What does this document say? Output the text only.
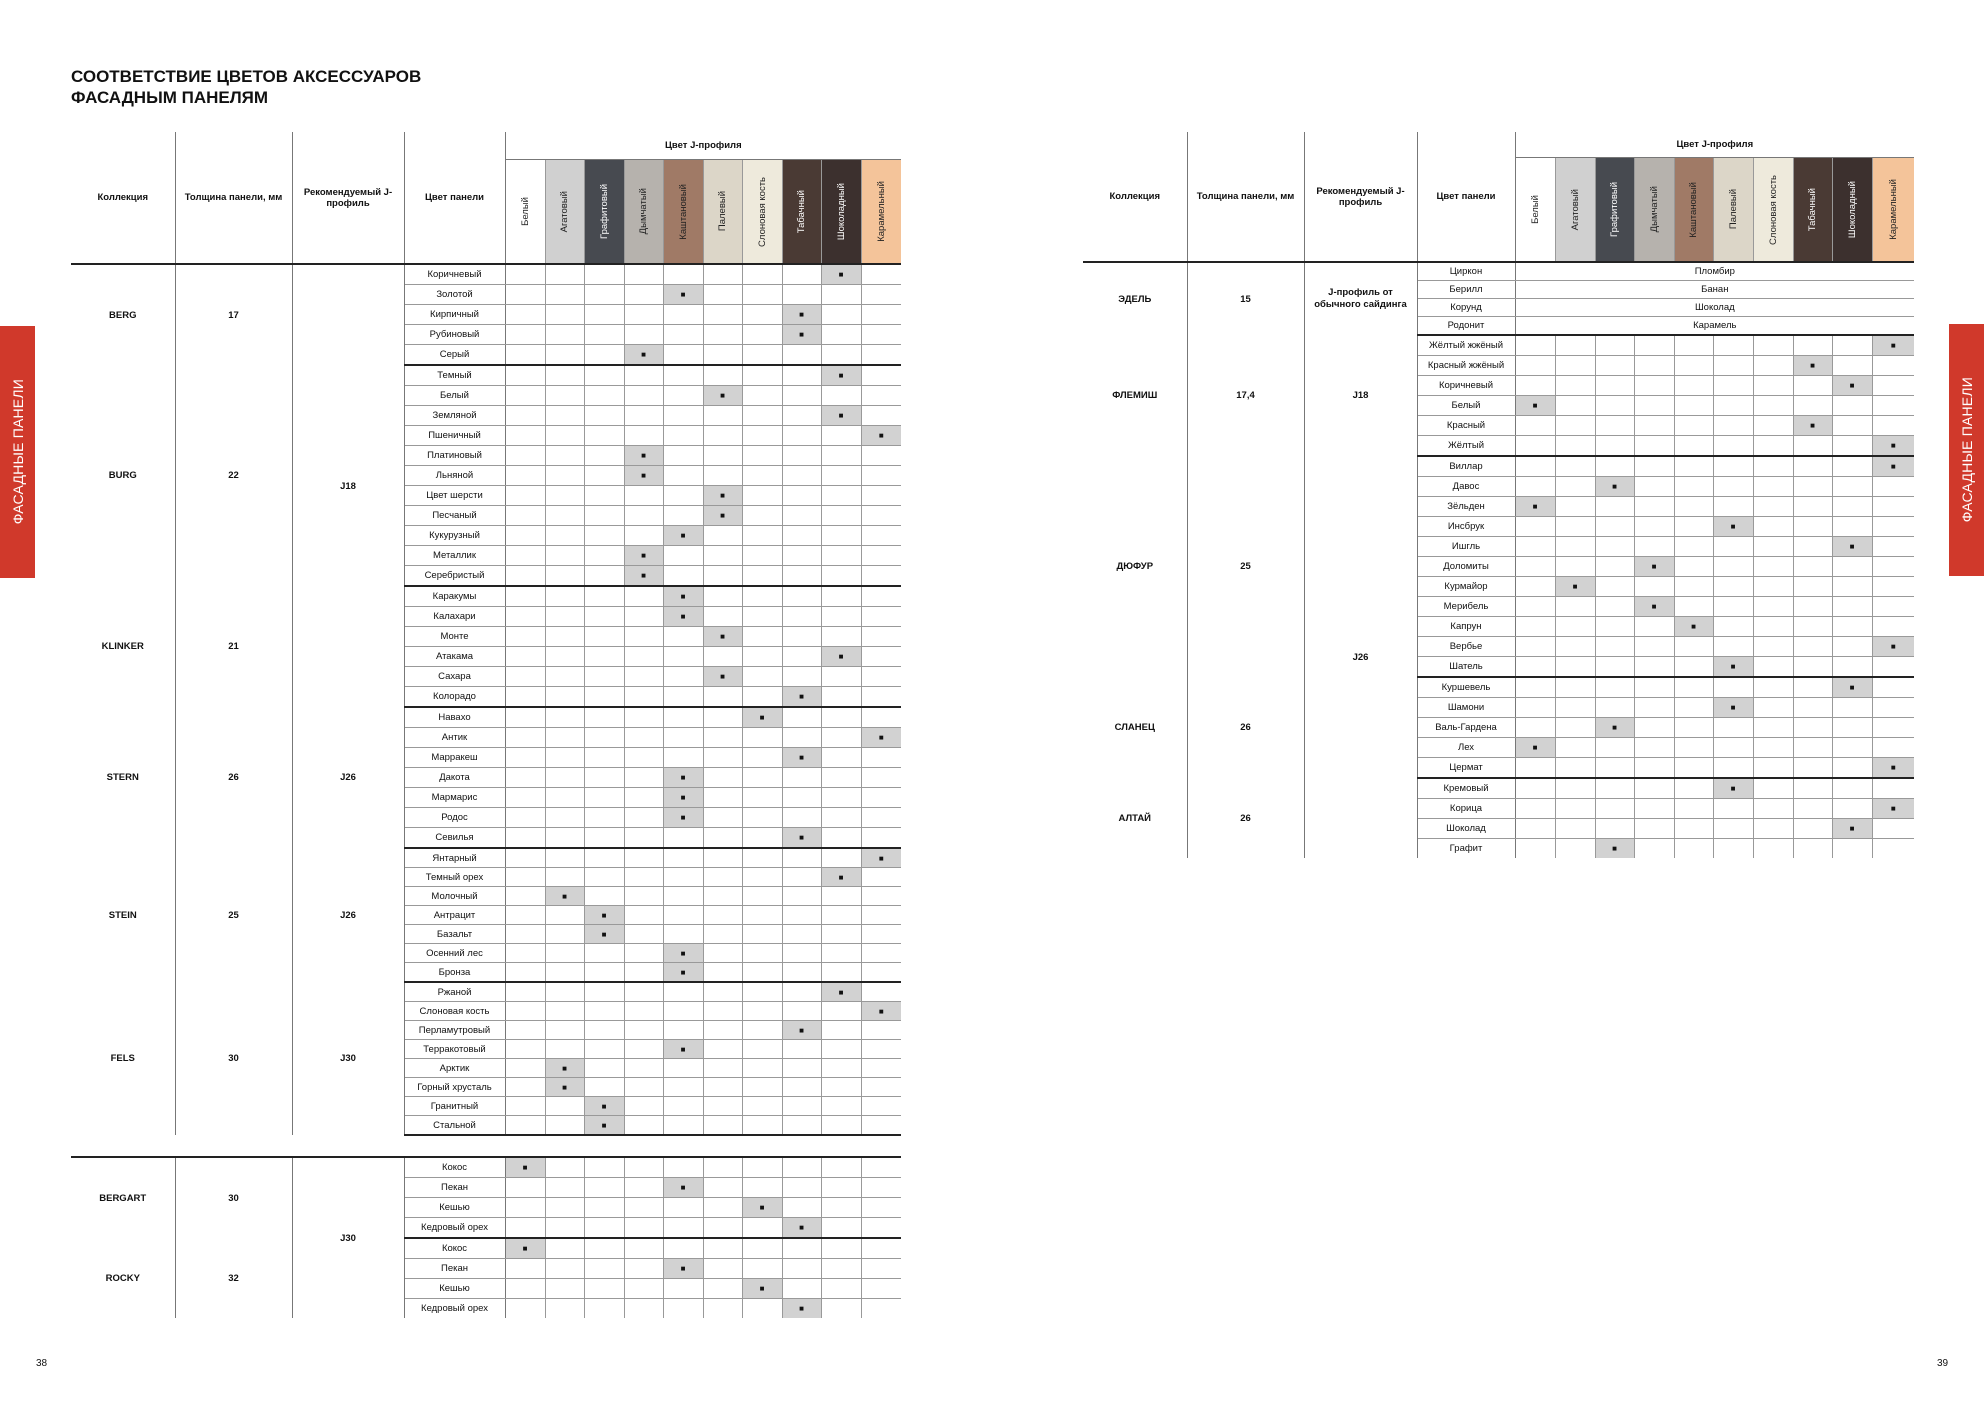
СООТВЕТСТВИЕ ЦВЕТОВ АКСЕССУАРОВ
ФАСАДНЫМ ПАНЕЛЯМ
ФАСАДНЫЕ ПАНЕЛИ	ФАСАДНЫЕ ПАНЕЛИ
38	39
Коллекция	Толщина панели, мм	Рекомендуемый J-профиль	Цвет панели	Цвет J-профиля									

				Белый	Агатовый	Графитовый	Дымчатый	Каштановый	Палевый	Слоновая кость	Табачный	Шоколадный	Карамельный

BERG	17	J18	Коричневый									■	
			Золотой					■					
			Кирпичный								■		
			Рубиновый								■		
			Серый				■						
BURG	22		Темный									■	
			Белый						■				
			Земляной									■	
			Пшеничный										■
			Платиновый				■						
			Льняной				■						
			Цвет шерсти						■				
			Песчаный						■				
			Кукурузный					■					
			Металлик				■						
			Серебристый				■						
KLINKER	21		Каракумы					■					
			Калахари					■					
			Монте						■				
			Атакама									■	
			Сахара						■				
			Колорадо								■		
STERN	26	J26	Навахо							■			
			Антик										■
			Марракеш								■		
			Дакота					■					
			Мармарис					■					
			Родос					■					
			Севилья								■		
STEIN	25	J26	Янтарный										■
			Темный орех									■	
			Молочный		■								
			Антрацит			■							
			Базальт			■							
			Осенний лес					■					
			Бронза					■					
FELS	30	J30	Ржаной									■	
			Слоновая кость										■
			Перламутровый								■		
			Терракотовый					■					
			Арктик		■								
			Горный хрусталь		■								
			Гранитный			■							
			Стальной			■							

BERGART	30	J30	Кокос	■									
			Пекан					■					
			Кешью							■			
			Кедровый орех								■		
ROCKY	32		Кокос	■									
			Пекан					■					
			Кешью							■			
			Кедровый орех								■		
Коллекция	Толщина панели, мм	Рекомендуемый J-профиль	Цвет панели	Цвет J-профиля									

				Белый	Агатовый	Графитовый	Дымчатый	Каштановый	Палевый	Слоновая кость	Табачный	Шоколадный	Карамельный

ЭДЕЛЬ	15	J-профиль от обычного сайдинга	Циркон	Пломбир									
			Берилл	Банан									
			Корунд	Шоколад									
			Родонит	Карамель									
ФЛЕМИШ	17,4	J18	Жёлтый жжёный										■
			Красный жжёный								■		
			Коричневый									■	
			Белый	■									
			Красный								■		
			Жёлтый										■
ДЮФУР	25	J26	Виллар										■
			Давос			■							
			Зёльден	■									
			Инсбрук						■				
			Ишгль									■	
			Доломиты				■						
			Курмайор		■								
			Мерибель				■						
			Капрун					■					
			Вербье										■
			Шатель						■				
СЛАНЕЦ	26		Куршевель									■	
			Шамони						■				
			Валь-Гардена			■							
			Лех	■									
			Цермат										■
АЛТАЙ	26		Кремовый						■				
			Корица										■
			Шоколад									■	
			Графит			■							
